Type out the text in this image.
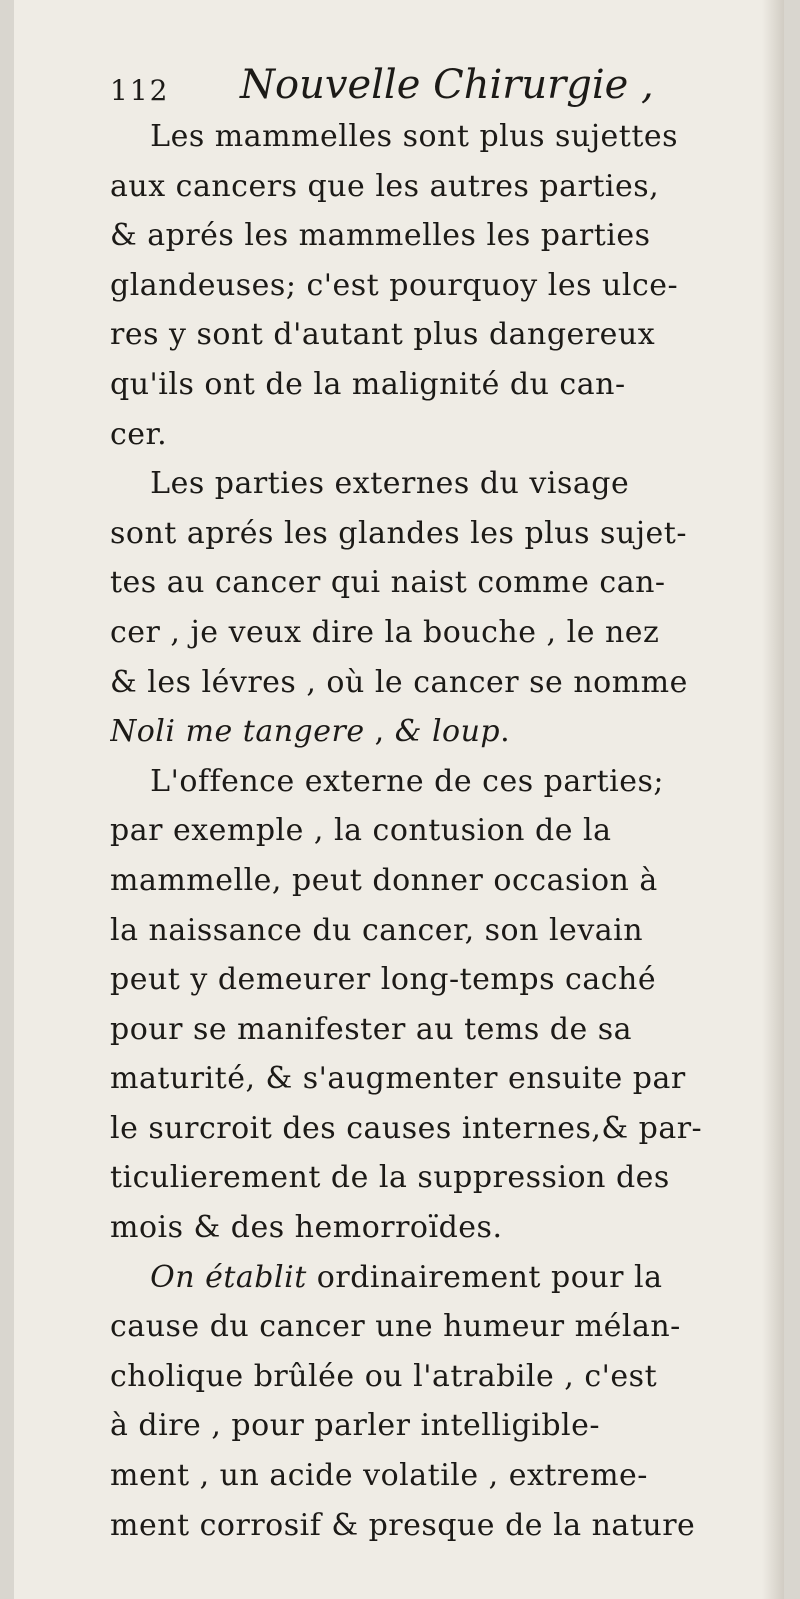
112 Nouvelle Chirurgie ,
Les mammelles sont plus sujettes
aux cancers que les autres parties,
& aprés les mammelles les parties
glandeuses; c'est pourquoy les ulce-
res y sont d'autant plus dangereux
qu'ils ont de la malignité du can-
cer.
Les parties externes du visage
sont aprés les glandes les plus sujet-
tes au cancer qui naist comme can-
cer , je veux dire la bouche , le nez
& les lévres , où le cancer se nomme
Noli me tangere , & loup.
L'offence externe de ces parties;
par exemple , la contusion de la
mammelle, peut donner occasion à
la naissance du cancer, son levain
peut y demeurer long-temps caché
pour se manifester au tems de sa
maturité, & s'augmenter ensuite par
le surcroit des causes internes,& par-
ticulierement de la suppression des
mois & des hemorroïdes.
On établit ordinairement pour la
cause du cancer une humeur mélan-
cholique brûlée ou l'atrabile , c'est
à dire , pour parler intelligible-
ment , un acide volatile , extreme-
ment corrosif & presque de la nature
